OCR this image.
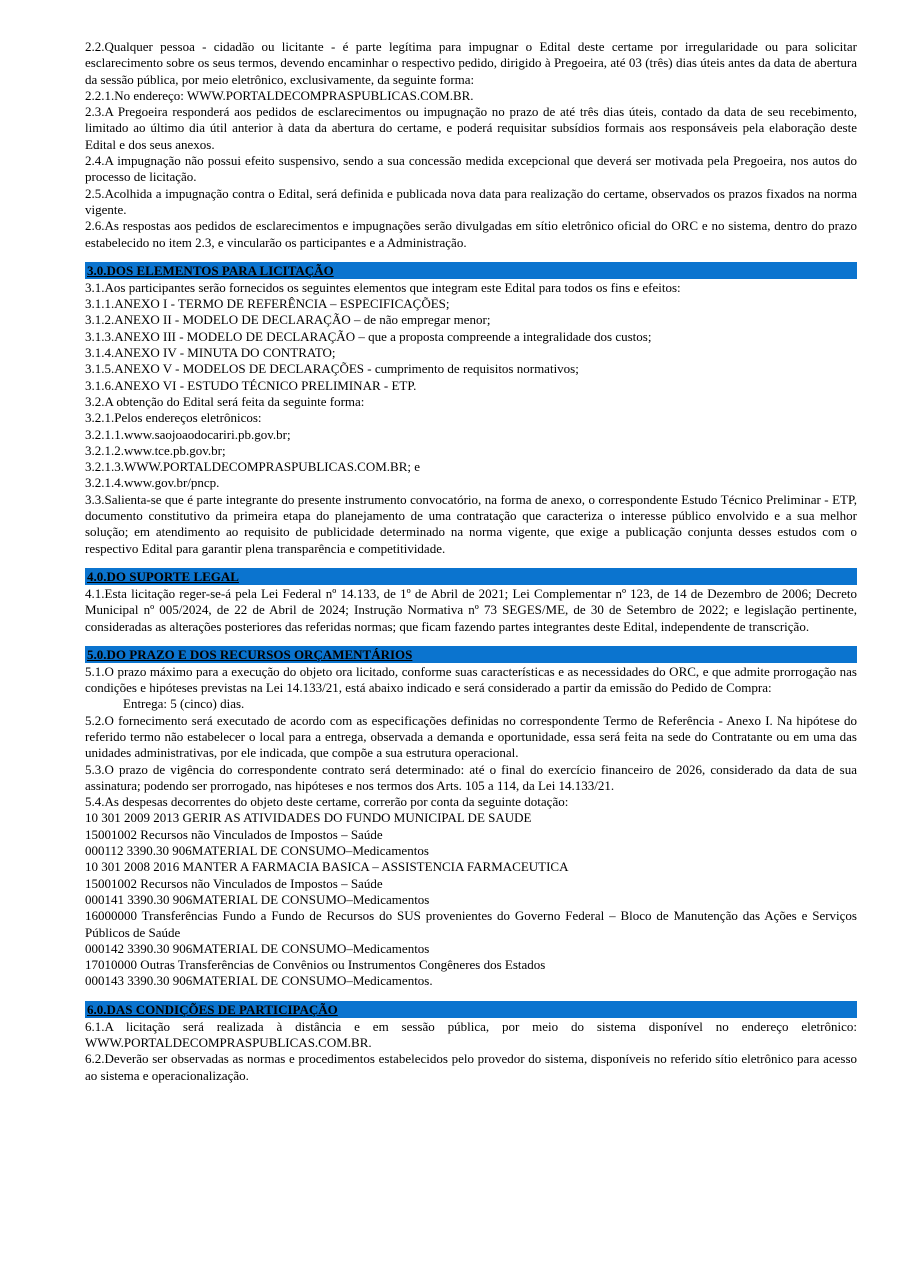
2.2.Qualquer pessoa - cidadão ou licitante - é parte legítima para impugnar o Edital deste certame por irregularidade ou para solicitar esclarecimento sobre os seus termos, devendo encaminhar o respectivo pedido, dirigido à Pregoeira, até 03 (três) dias úteis antes da data de abertura da sessão pública, por meio eletrônico, exclusivamente, da seguinte forma:
2.2.1.No endereço: WWW.PORTALDECOMPRASPUBLICAS.COM.BR.
2.3.A Pregoeira responderá aos pedidos de esclarecimentos ou impugnação no prazo de até três dias úteis, contado da data de seu recebimento, limitado ao último dia útil anterior à data da abertura do certame, e poderá requisitar subsídios formais aos responsáveis pela elaboração deste Edital e dos seus anexos.
2.4.A impugnação não possui efeito suspensivo, sendo a sua concessão medida excepcional que deverá ser motivada pela Pregoeira, nos autos do processo de licitação.
2.5.Acolhida a impugnação contra o Edital, será definida e publicada nova data para realização do certame, observados os prazos fixados na norma vigente.
2.6.As respostas aos pedidos de esclarecimentos e impugnações serão divulgadas em sítio eletrônico oficial do ORC e no sistema, dentro do prazo estabelecido no item 2.3, e vincularão os participantes e a Administração.
3.0.DOS ELEMENTOS PARA LICITAÇÃO
3.1.Aos participantes serão fornecidos os seguintes elementos que integram este Edital para todos os fins e efeitos:
3.1.1.ANEXO I - TERMO DE REFERÊNCIA – ESPECIFICAÇÕES;
3.1.2.ANEXO II - MODELO DE DECLARAÇÃO – de não empregar menor;
3.1.3.ANEXO III - MODELO DE DECLARAÇÃO – que a proposta compreende a integralidade dos custos;
3.1.4.ANEXO IV - MINUTA DO CONTRATO;
3.1.5.ANEXO V - MODELOS DE DECLARAÇÕES - cumprimento de requisitos normativos;
3.1.6.ANEXO VI - ESTUDO TÉCNICO PRELIMINAR - ETP.
3.2.A obtenção do Edital será feita da seguinte forma:
3.2.1.Pelos endereços eletrônicos:
3.2.1.1.www.saojoaodocariri.pb.gov.br;
3.2.1.2.www.tce.pb.gov.br;
3.2.1.3.WWW.PORTALDECOMPRASPUBLICAS.COM.BR; e
3.2.1.4.www.gov.br/pncp.
3.3.Salienta-se que é parte integrante do presente instrumento convocatório, na forma de anexo, o correspondente Estudo Técnico Preliminar - ETP, documento constitutivo da primeira etapa do planejamento de uma contratação que caracteriza o interesse público envolvido e a sua melhor solução; em atendimento ao requisito de publicidade determinado na norma vigente, que exige a publicação conjunta desses estudos com o respectivo Edital para garantir plena transparência e competitividade.
4.0.DO SUPORTE LEGAL
4.1.Esta licitação reger-se-á pela Lei Federal nº 14.133, de 1º de Abril de 2021; Lei Complementar nº 123, de 14 de Dezembro de 2006; Decreto Municipal nº 005/2024, de 22 de Abril de 2024; Instrução Normativa nº 73 SEGES/ME, de 30 de Setembro de 2022; e legislação pertinente, consideradas as alterações posteriores das referidas normas; que ficam fazendo partes integrantes deste Edital, independente de transcrição.
5.0.DO PRAZO E DOS RECURSOS ORÇAMENTÁRIOS
5.1.O prazo máximo para a execução do objeto ora licitado, conforme suas características e as necessidades do ORC, e que admite prorrogação nas condições e hipóteses previstas na Lei 14.133/21, está abaixo indicado e será considerado a partir da emissão do Pedido de Compra:
Entrega: 5 (cinco) dias.
5.2.O fornecimento será executado de acordo com as especificações definidas no correspondente Termo de Referência - Anexo I. Na hipótese do referido termo não estabelecer o local para a entrega, observada a demanda e oportunidade, essa será feita na sede do Contratante ou em uma das unidades administrativas, por ele indicada, que compõe a sua estrutura operacional.
5.3.O prazo de vigência do correspondente contrato será determinado: até o final do exercício financeiro de 2026, considerado da data de sua assinatura; podendo ser prorrogado, nas hipóteses e nos termos dos Arts. 105 a 114, da Lei 14.133/21.
5.4.As despesas decorrentes do objeto deste certame, correrão por conta da seguinte dotação:
10 301 2009 2013 GERIR AS ATIVIDADES DO FUNDO MUNICIPAL DE SAUDE
15001002 Recursos não Vinculados de Impostos – Saúde
000112 3390.30 906MATERIAL DE CONSUMO–Medicamentos
10 301 2008 2016 MANTER A FARMACIA BASICA – ASSISTENCIA FARMACEUTICA
15001002 Recursos não Vinculados de Impostos – Saúde
000141 3390.30 906MATERIAL DE CONSUMO–Medicamentos
16000000 Transferências Fundo a Fundo de Recursos do SUS provenientes do Governo Federal – Bloco de Manutenção das Ações e Serviços Públicos de Saúde
000142 3390.30 906MATERIAL DE CONSUMO–Medicamentos
17010000 Outras Transferências de Convênios ou Instrumentos Congêneres dos Estados
000143 3390.30 906MATERIAL DE CONSUMO–Medicamentos.
6.0.DAS CONDIÇÕES DE PARTICIPAÇÃO
6.1.A licitação será realizada à distância e em sessão pública, por meio do sistema disponível no endereço eletrônico: WWW.PORTALDECOMPRASPUBLICAS.COM.BR.
6.2.Deverão ser observadas as normas e procedimentos estabelecidos pelo provedor do sistema, disponíveis no referido sítio eletrônico para acesso ao sistema e operacionalização.
